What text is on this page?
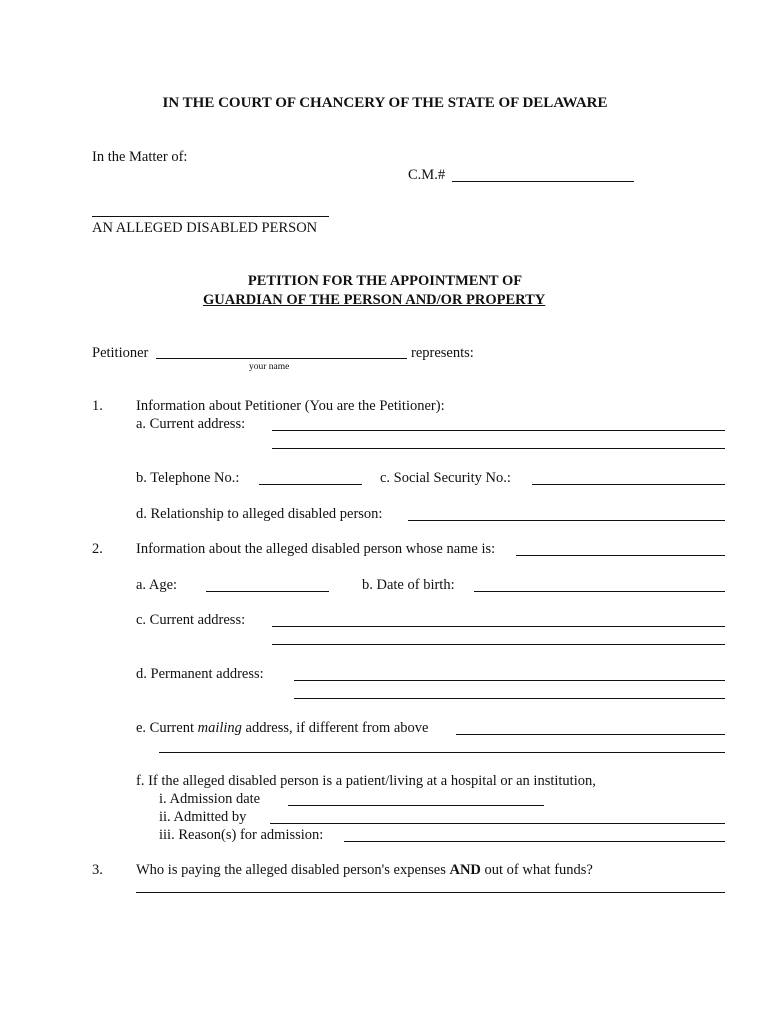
IN THE COURT OF CHANCERY OF THE STATE OF DELAWARE
In the Matter of:
C.M.#
AN ALLEGED DISABLED PERSON
PETITION FOR THE APPOINTMENT OF
GUARDIAN OF THE PERSON AND/OR PROPERTY
Petitioner	represents:
your name
1. Information about Petitioner (You are the Petitioner):
a. Current address:
b. Telephone No.:	c. Social Security No.:
d. Relationship to alleged disabled person:
2. Information about the alleged disabled person whose name is:
a. Age:	b. Date of birth:
c. Current address:
d. Permanent address:
e. Current mailing address, if different from above
f. If the alleged disabled person is a patient/living at a hospital or an institution,
i. Admission date
ii. Admitted by
iii. Reason(s) for admission:
3. Who is paying the alleged disabled person's expenses AND out of what funds?
